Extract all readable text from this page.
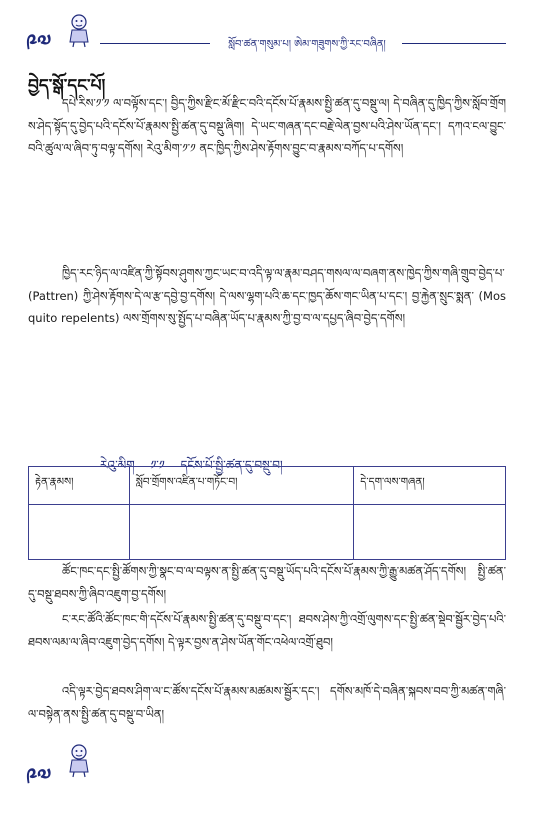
༩༧	སློབ་ཚན་གསུམ་པ། ཨེམ་གཟུགས་ཀྱི་རང་བཞིན།
བྱེད་སྒོ་དང་པོ།

དཔེ་རིས་༡་༡ ལ་བལྟོས་དང་། བྱིད་ཀྱིས་རྫིང་མོ་རྫིང་བའི་དངོས་པོ་རྣམས་སྤྱི་ཚན་དུ་བསྡུ་ལ། དེ་བཞིན་དུ་ཁྱིད་ཀྱིས་སློབ་གྲོགས་ཤེད་སྟོད་དུ་བྱེད་པའི་དངོས་པོ་རྣམས་སྤྱི་ཚན་དུ་བསྡུ་ཞིག། དེ་ཡང་གཞན་དང་བརྗེ་ལེན་བྱས་པའི་ཤེས་ཡོན་དང་། དཀའ་ངལ་བྱུང་བའི་ཚུལ་ལ་ཞིབ་ཏུ་བལྟ་དགོས། རེའུ་མིག་༡་༡ ནང་ཁྱིད་ཀྱིས་ཤེས་རྟོགས་བྱུང་བ་རྣམས་བཀོད་པ་དགོས།

ཁྱིད་རང་ཉིད་ལ་འཛིན་ཀྱི་སྟོབས་ཤུགས་ཀྱང་ཡང་བ་འདི་ལྟ་ལ་རྣམ་བཤད་གསལ་ལ་བཞག་ནས་ཁྱེད་ཀྱིས་གཞི་གྲུབ་བྱེད་པ་ (Pattren) ཀྱི་ཤེས་རྟོགས་དེ་ལ་རྩ་དབྱེ་བྱ་དགོས། དེ་ལས་ལྷག་པའི་ཆ་དང་ཁྱད་ཆོས་གང་ཡིན་པ་དང་། བྱ་རྐྱེན་སྲུང་སྨན་ (Mosquito repelents) ལས་གྲོགས་སུ་སྤྱོད་པ་བཞིན་ཡོད་པ་རྣམས་ཀྱི་བྱ་བ་ལ་དཔྱད་ཞིབ་བྱེད་དགོས།

རེའུ་མིག ༡་༡ དངོས་པོ་སྤྱི་ཚན་དུ་བསྡུ་བ།
རྟེན་རྣམས།	སློབ་གྲོགས་འཛིན་པ་གཏོང་བ།	དེ་དག་ལས་གཞན།

ཚོང་ཁང་དང་སྤྱི་ཚོགས་ཀྱི་སྣང་བ་ལ་བལྟས་ན་སྤྱི་ཚན་དུ་བསྡུ་ཡོད་པའི་དངོས་པོ་རྣམས་ཀྱི་རྒྱུ་མཚན་ཤོད་དགོས། སྤྱི་ཚན་དུ་བསྡུ་ཐབས་ཀྱི་ཞིབ་འཇུག་བྱ་དགོས།

ང་རང་ཚོའི་ཚོང་ཁང་གི་དངོས་པོ་རྣམས་སྤྱི་ཚན་དུ་བསྡུ་བ་དང་། ཐབས་ཤེས་ཀྱི་འགྲོ་ལུགས་དང་སྤྱི་ཚན་སྡེབ་སྦྱོར་བྱེད་པའི་ཐབས་ལམ་ལ་ཞིབ་འཇུག་བྱེད་དགོས། དེ་ལྟར་བྱས་ན་ཤེས་ཡོན་གོང་འཕེལ་འགྲོ་ཐུབ།

འདི་ལྟར་བྱེད་ཐབས་ཤིག་ལ་ང་ཚོས་དངོས་པོ་རྣམས་མཚམས་སྦྱོར་དང་། དགོས་མཁོ་དེ་བཞིན་སྐབས་བབ་ཀྱི་མཚན་གཞི་ལ་བསྟེན་ནས་སྤྱི་ཚན་དུ་བསྡུ་བ་ཡིན།

༩༧
